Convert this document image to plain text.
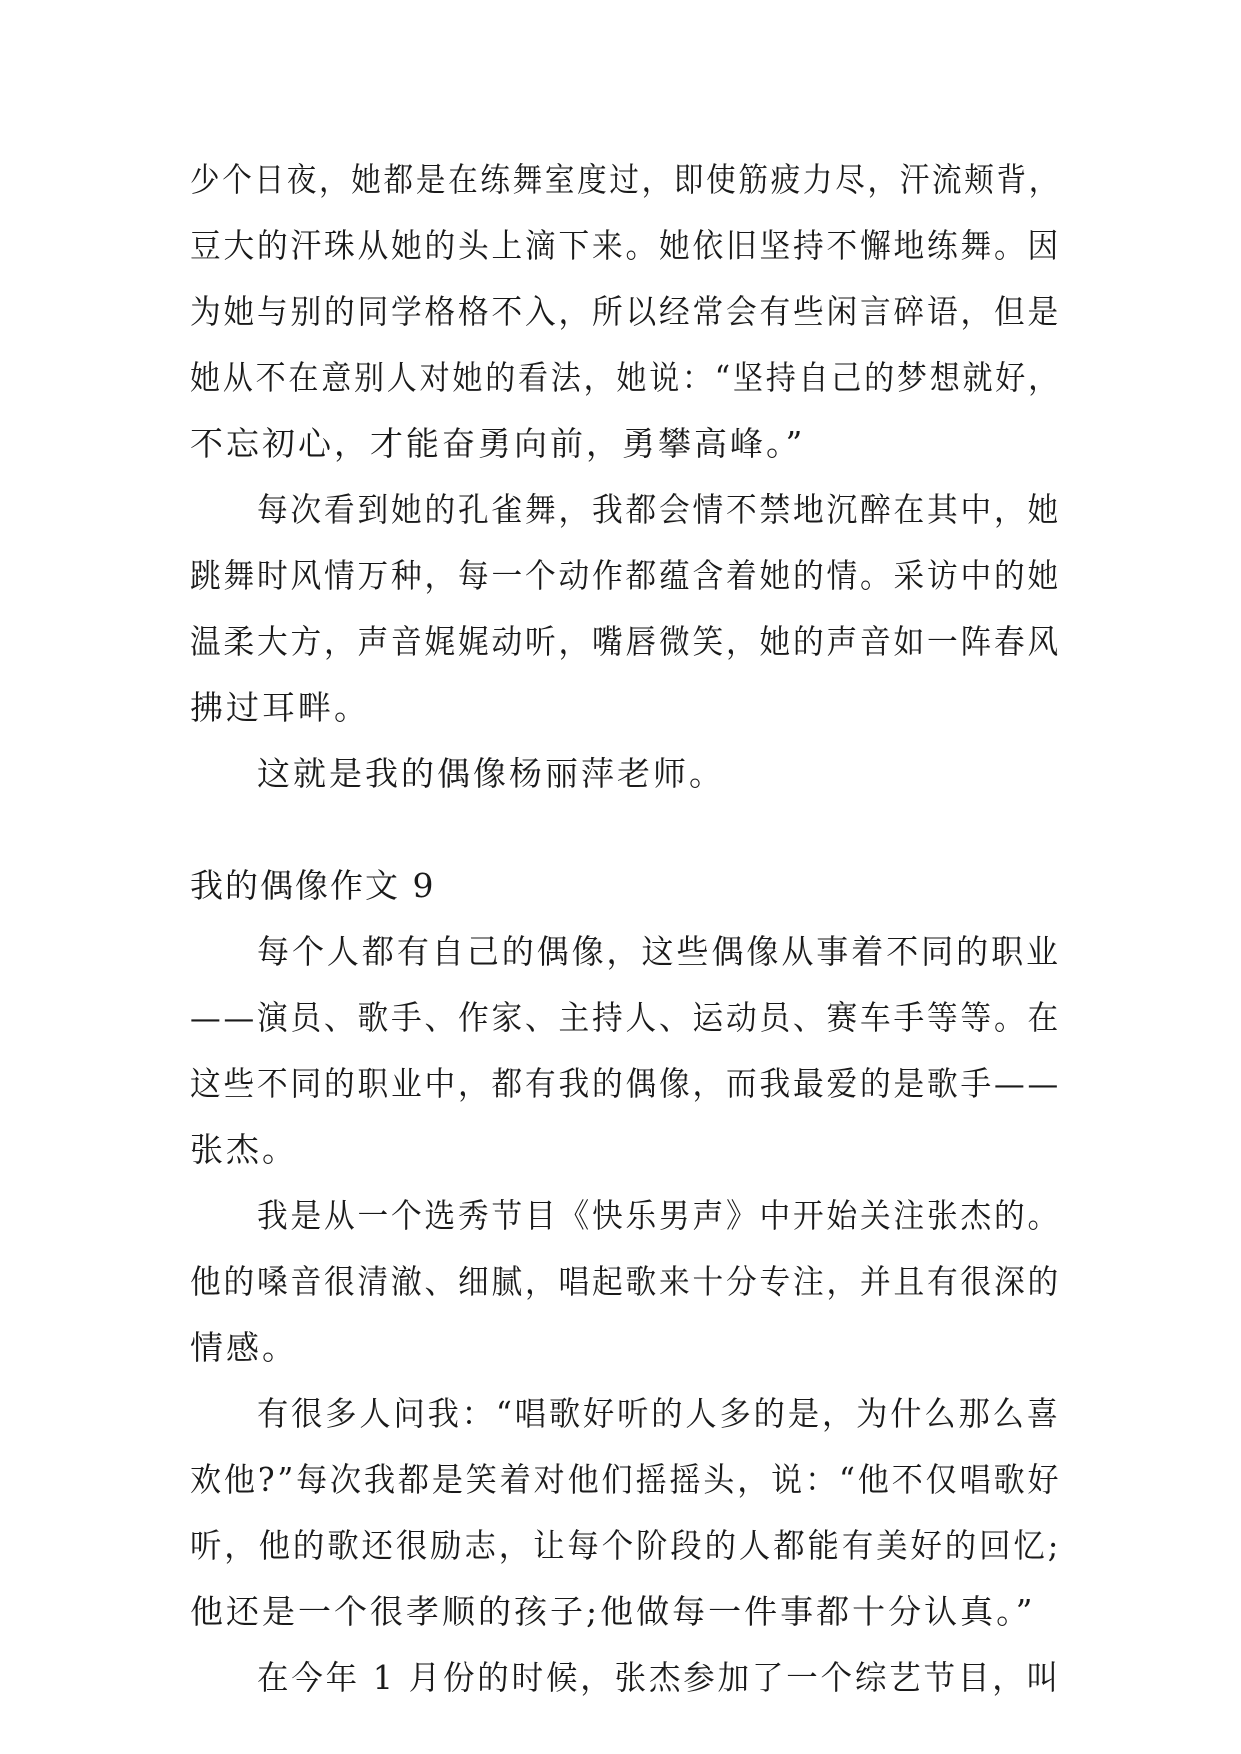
少个日夜，她都是在练舞室度过，即使筋疲力尽，汗流颊背，
豆大的汗珠从她的头上滴下来。她依旧坚持不懈地练舞。因
为她与别的同学格格不入，所以经常会有些闲言碎语，但是
她从不在意别人对她的看法，她说：“坚持自己的梦想就好，
不忘初心，才能奋勇向前，勇攀高峰。”
每次看到她的孔雀舞，我都会情不禁地沉醉在其中，她
跳舞时风情万种，每一个动作都蕴含着她的情。采访中的她
温柔大方，声音娓娓动听，嘴唇微笑，她的声音如一阵春风
拂过耳畔。
这就是我的偶像杨丽萍老师。
我的偶像作文 9
每个人都有自己的偶像，这些偶像从事着不同的职业
——演员、歌手、作家、主持人、运动员、赛车手等等。在
这些不同的职业中，都有我的偶像，而我最爱的是歌手——
张杰。
我是从一个选秀节目《快乐男声》中开始关注张杰的。
他的嗓音很清澈、细腻，唱起歌来十分专注，并且有很深的
情感。
有很多人问我：“唱歌好听的人多的是，为什么那么喜
欢他?”每次我都是笑着对他们摇摇头，说：“他不仅唱歌好
听，他的歌还很励志，让每个阶段的人都能有美好的回忆;
他还是一个很孝顺的孩子;他做每一件事都十分认真。”
在今年 1 月份的时候，张杰参加了一个综艺节目，叫
